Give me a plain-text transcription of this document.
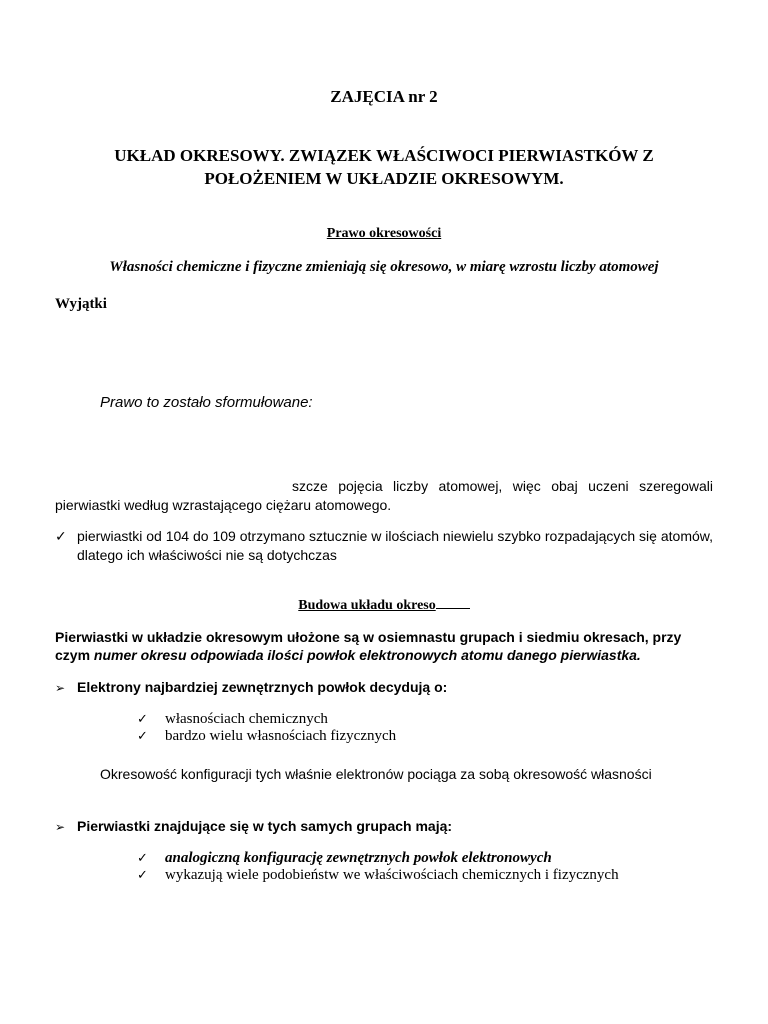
ZAJĘCIA nr 2
UKŁAD OKRESOWY. ZWIĄZEK WŁAŚCIWOCI PIERWIASTKÓW Z POŁOŻENIEM W UKŁADZIE OKRESOWYM.
Prawo okresowości
Własności chemiczne i fizyczne zmieniają się okresowo, w miarę wzrostu liczby atomowej
Wyjątki
Prawo to zostało sformułowane:

szcze pojęcia liczby atomowej, więc obaj uczeni szeregowali pierwiastki według wzrastającego ciężaru atomowego.

✓ pierwiastki od 104 do 109 otrzymano sztucznie w ilościach niewielu szybko rozpadających się atomów, dlatego ich właściwości nie są dotychczas
Budowa układu okreso

Pierwiastki w układzie okresowym ułożone są w osiemnastu grupach i siedmiu okresach, przy czym numer okresu odpowiada ilości powłok elektronowych atomu danego pierwiastka.

➢ Elektrony najbardziej zewnętrznych powłok decydują o:
✓ własnościach chemicznych
✓ bardzo wielu własnościach fizycznych
Okresowość konfiguracji tych właśnie elektronów pociąga za sobą okresowość własności
➢ Pierwiastki znajdujące się w tych samych grupach mają:
✓ analogiczną konfigurację zewnętrznych powłok elektronowych
✓ wykazują wiele podobieństw we właściwościach chemicznych i fizycznych
